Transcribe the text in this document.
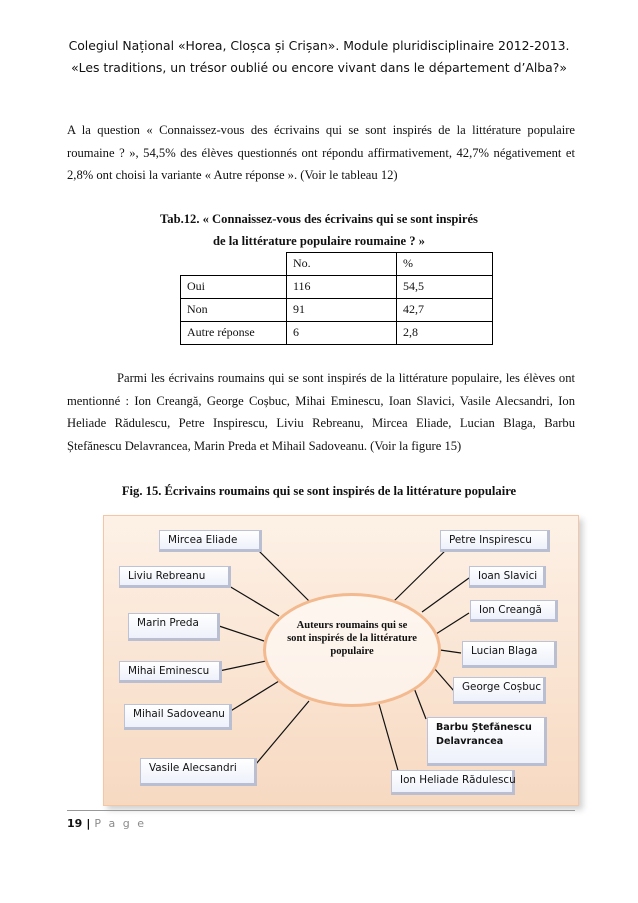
Colegiul Național «Horea, Cloșca și Crișan». Module pluridisciplinaire 2012-2013.
«Les traditions, un trésor oublié ou encore vivant dans le département d’Alba?»

A la question « Connaissez-vous des écrivains qui se sont inspirés de la littérature populaire roumaine ? », 54,5% des élèves questionnés ont répondu affirmativement, 42,7% négativement et 2,8% ont choisi la variante « Autre réponse ». (Voir le tableau 12)

Tab.12. « Connaissez-vous des écrivains qui se sont inspirés
de la littérature populaire roumaine ? »
	No.	%
Oui	116	54,5
Non	91	42,7
Autre réponse	6	2,8

Parmi les écrivains roumains qui se sont inspirés de la littérature populaire, les élèves ont mentionné : Ion Creangă, George Coșbuc, Mihai Eminescu, Ioan Slavici, Vasile Alecsandri, Ion Heliade Rădulescu, Petre Inspirescu, Liviu Rebreanu, Mircea Eliade, Lucian Blaga, Barbu Ștefănescu Delavrancea, Marin Preda et Mihail Sadoveanu. (Voir la figure 15)

Fig. 15. Écrivains roumains qui se sont inspirés de la littérature populaire
Auteurs roumains qui se sont inspirés de la littérature populaire
Mircea Eliade
Liviu Rebreanu
Marin Preda
Mihai Eminescu
Mihail Sadoveanu
Vasile Alecsandri
Petre Inspirescu
Ioan Slavici
Ion Creangă
Lucian Blaga
George Coșbuc
Barbu Ștefănescu Delavrancea
Ion Heliade Rădulescu
19 | P a g e
